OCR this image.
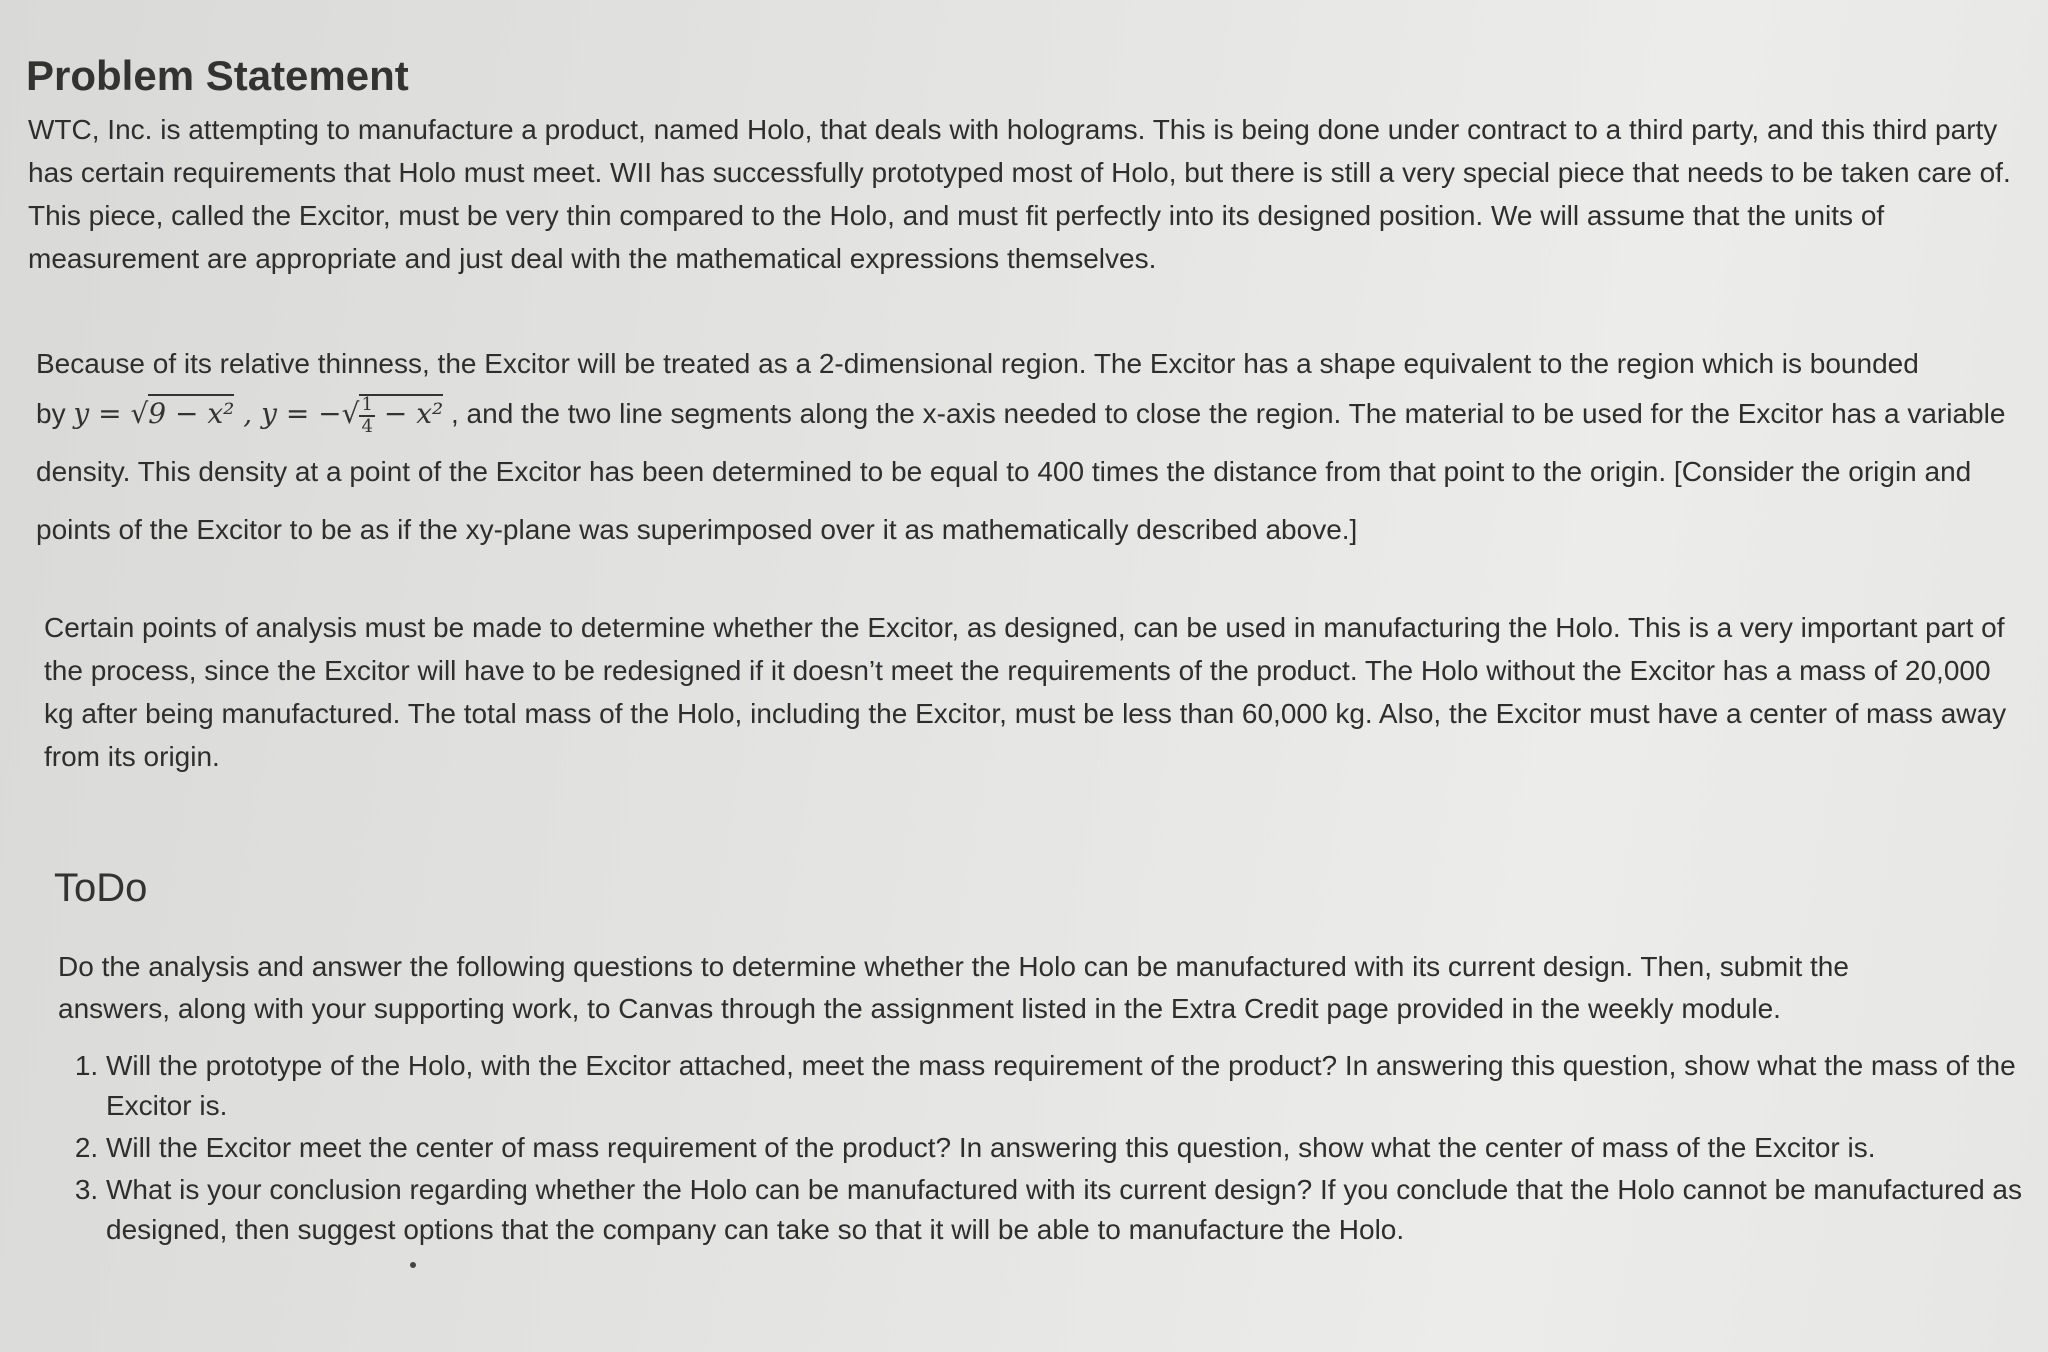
Problem Statement

WTC, Inc. is attempting to manufacture a product, named Holo, that deals with holograms. This is being done under contract to a third party, and this third party has certain requirements that Holo must meet. WII has successfully prototyped most of Holo, but there is still a very special piece that needs to be taken care of. This piece, called the Excitor, must be very thin compared to the Holo, and must fit perfectly into its designed position. We will assume that the units of measurement are appropriate and just deal with the mathematical expressions themselves.

Because of its relative thinness, the Excitor will be treated as a 2-dimensional region. The Excitor has a shape equivalent to the region which is bounded
by y = √9 − x² , y = −√ $\frac{1}{4} - x^2$ , and the two line segments along the x-axis needed to close the region. The material to be used for the Excitor has a variable density. This density at a point of the Excitor has been determined to be equal to 400 times the distance from that point to the origin. [Consider the origin and points of the Excitor to be as if the xy-plane was superimposed over it as mathematically described above.]

Certain points of analysis must be made to determine whether the Excitor, as designed, can be used in manufacturing the Holo. This is a very important part of the process, since the Excitor will have to be redesigned if it doesn’t meet the requirements of the product. The Holo without the Excitor has a mass of 20,000 kg after being manufactured. The total mass of the Holo, including the Excitor, must be less than 60,000 kg. Also, the Excitor must have a center of mass away from its origin.

ToDo

Do the analysis and answer the following questions to determine whether the Holo can be manufactured with its current design. Then, submit the answers, along with your supporting work, to Canvas through the assignment listed in the Extra Credit page provided in the weekly module.

1. Will the prototype of the Holo, with the Excitor attached, meet the mass requirement of the product? In answering this question, show what the mass of the Excitor is.
2. Will the Excitor meet the center of mass requirement of the product? In answering this question, show what the center of mass of the Excitor is.
3. What is your conclusion regarding whether the Holo can be manufactured with its current design? If you conclude that the Holo cannot be manufactured as designed, then suggest options that the company can take so that it will be able to manufacture the Holo.
